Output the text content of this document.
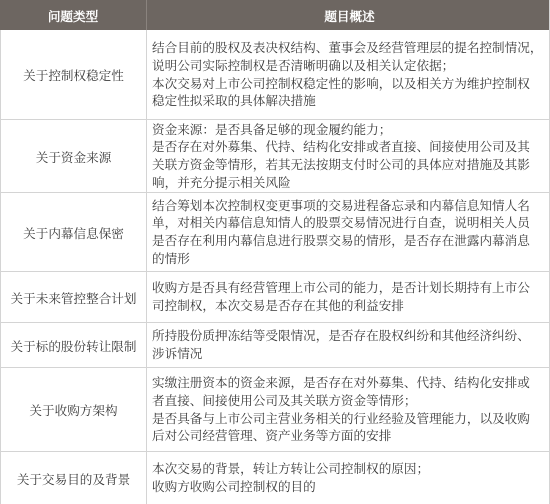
问题类型	题目概述
关于控制权稳定性
结合目前的股权及表决权结构、董事会及经营管理层的提名控制情况，
说明公司实际控制权是否清晰明确以及相关认定依据；
本次交易对上市公司控制权稳定性的影响，以及相关方为维护控制权
稳定性拟采取的具体解决措施
关于资金来源
资金来源：是否具备足够的现金履约能力；
是否存在对外募集、代持、结构化安排或者直接、间接使用公司及其
关联方资金等情形，若其无法按期支付时公司的具体应对措施及其影
响，并充分提示相关风险
关于内幕信息保密
结合筹划本次控制权变更事项的交易进程备忘录和内幕信息知情人名
单，对相关内幕信息知情人的股票交易情况进行自查，说明相关人员
是否存在利用内幕信息进行股票交易的情形，是否存在泄露内幕消息
的情形
关于未来管控整合计划
收购方是否具有经营管理上市公司的能力，是否计划长期持有上市公
司控制权，本次交易是否存在其他的利益安排
关于标的股份转让限制
所持股份质押冻结等受限情况，是否存在股权纠纷和其他经济纠纷、
涉诉情况
关于收购方架构
实缴注册资本的资金来源，是否存在对外募集、代持、结构化安排或
者直接、间接使用公司及其关联方资金等情形；
是否具备与上市公司主营业务相关的行业经验及管理能力，以及收购
后对公司经营管理、资产业务等方面的安排
关于交易目的及背景
本次交易的背景，转让方转让公司控制权的原因；
收购方收购公司控制权的目的
